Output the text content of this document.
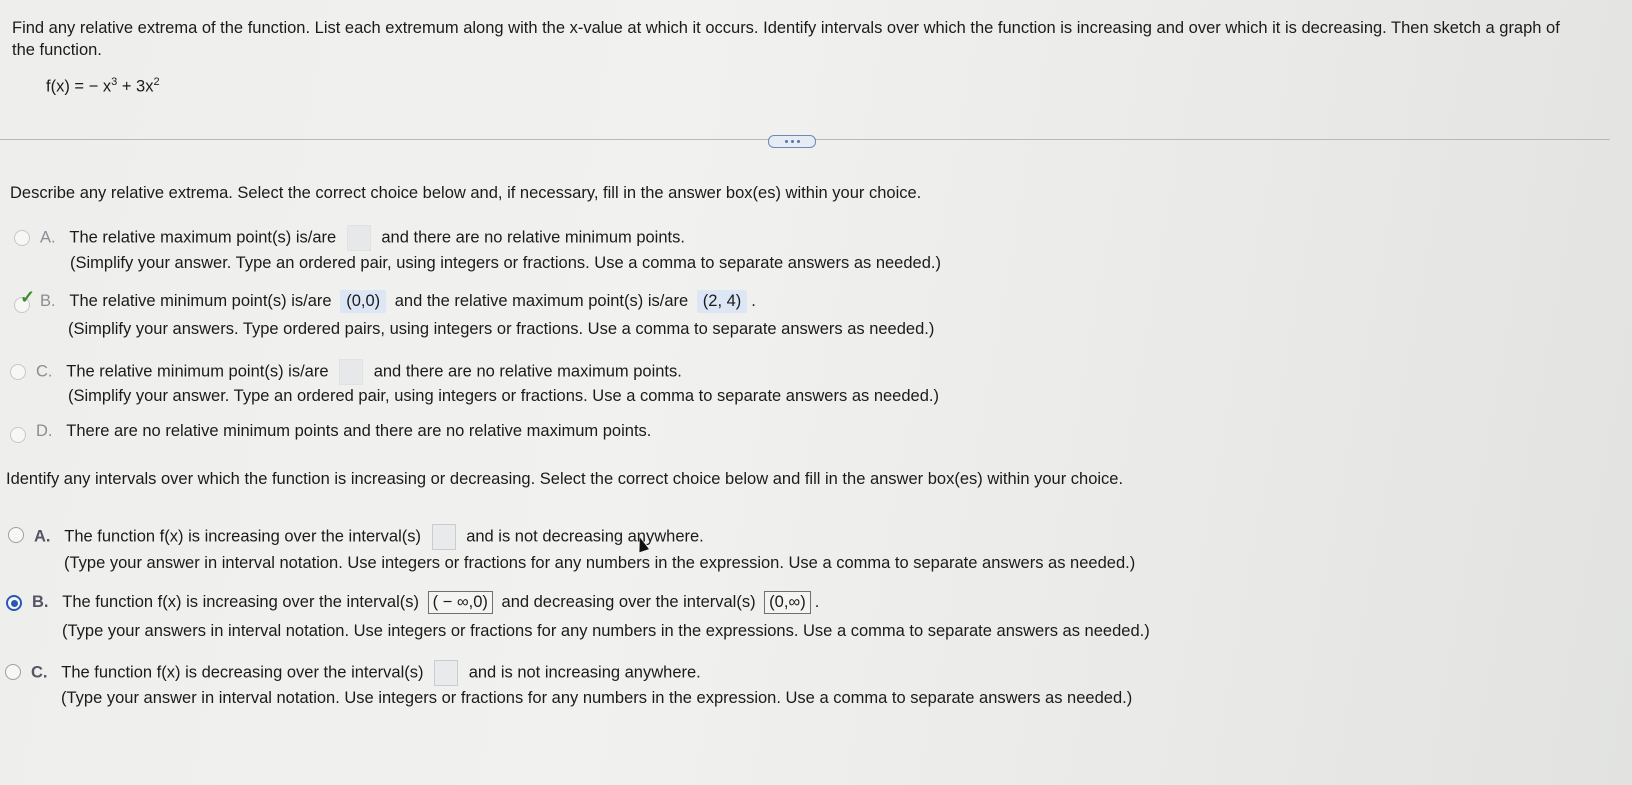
Find any relative extrema of the function. List each extremum along with the x-value at which it occurs. Identify intervals over which the function is increasing and over which it is decreasing. Then sketch a graph of the function.
f(x) = − $x^3 + 3x^2$
Describe any relative extrema. Select the correct choice below and, if necessary, fill in the answer box(es) within your choice.
A. The relative maximum point(s) is/are	and there are no relative minimum points.
(Simplify your answer. Type an ordered pair, using integers or fractions. Use a comma to separate answers as needed.)
✓ B. The relative minimum point(s) is/are (0,0) and the relative maximum point(s) is/are (2, 4) .
(Simplify your answers. Type ordered pairs, using integers or fractions. Use a comma to separate answers as needed.)
C. The relative minimum point(s) is/are	and there are no relative maximum points.
(Simplify your answer. Type an ordered pair, using integers or fractions. Use a comma to separate answers as needed.)
D. There are no relative minimum points and there are no relative maximum points.
Identify any intervals over which the function is increasing or decreasing. Select the correct choice below and fill in the answer box(es) within your choice.
A. The function f(x) is increasing over the interval(s)	and is not decreasing anywhere.
(Type your answer in interval notation. Use integers or fractions for any numbers in the expression. Use a comma to separate answers as needed.)
B. The function f(x) is increasing over the interval(s) ( − ∞,0) and decreasing over the interval(s) (0,∞) .
(Type your answers in interval notation. Use integers or fractions for any numbers in the expressions. Use a comma to separate answers as needed.)
C. The function f(x) is decreasing over the interval(s)	and is not increasing anywhere.
(Type your answer in interval notation. Use integers or fractions for any numbers in the expression. Use a comma to separate answers as needed.)
